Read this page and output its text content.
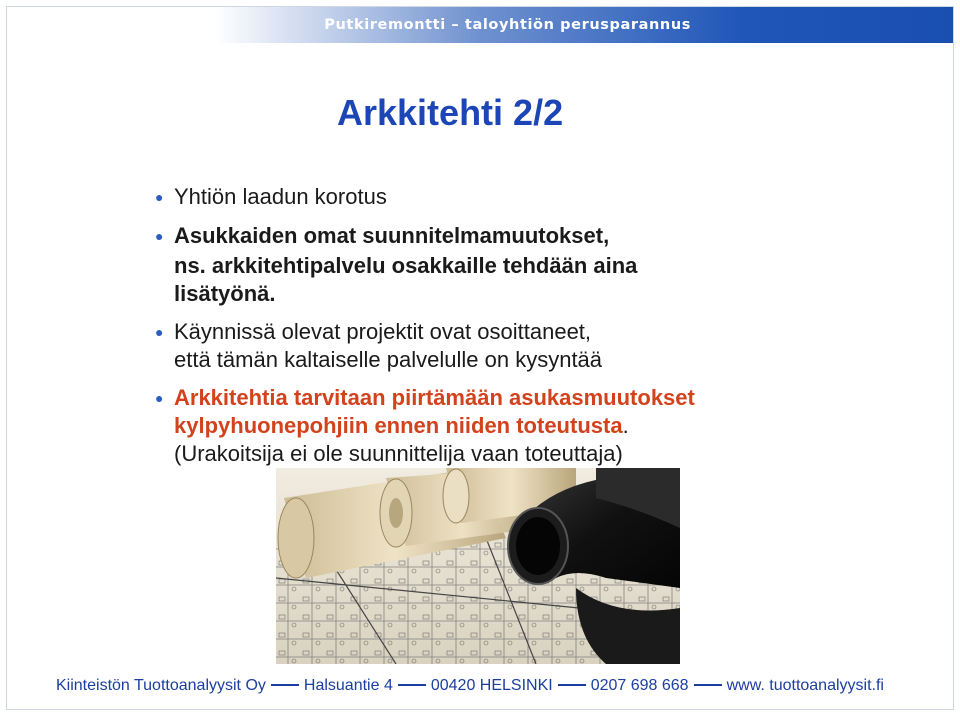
Putkiremontti – taloyhtiön perusparannus
Arkkitehti 2/2
● Yhtiön laadun korotus
● Asukkaiden omat suunnitelmamuutokset,
ns. arkkitehtipalvelu osakkaille tehdään aina
lisätyönä.
● Käynnissä olevat projektit ovat osoittaneet,
että tämän kaltaiselle palvelulle on kysyntää
● Arkkitehtia tarvitaan piirtämään asukasmuutokset
kylpyhuonepohjiin ennen niiden toteutusta.
(Urakoitsija ei ole suunnittelija vaan toteuttaja)
Kiinteistön Tuottoanalyysit Oy Halsuantie 4 00420 HELSINKI 0207 698 668 www. tuottoanalyysit.fi
